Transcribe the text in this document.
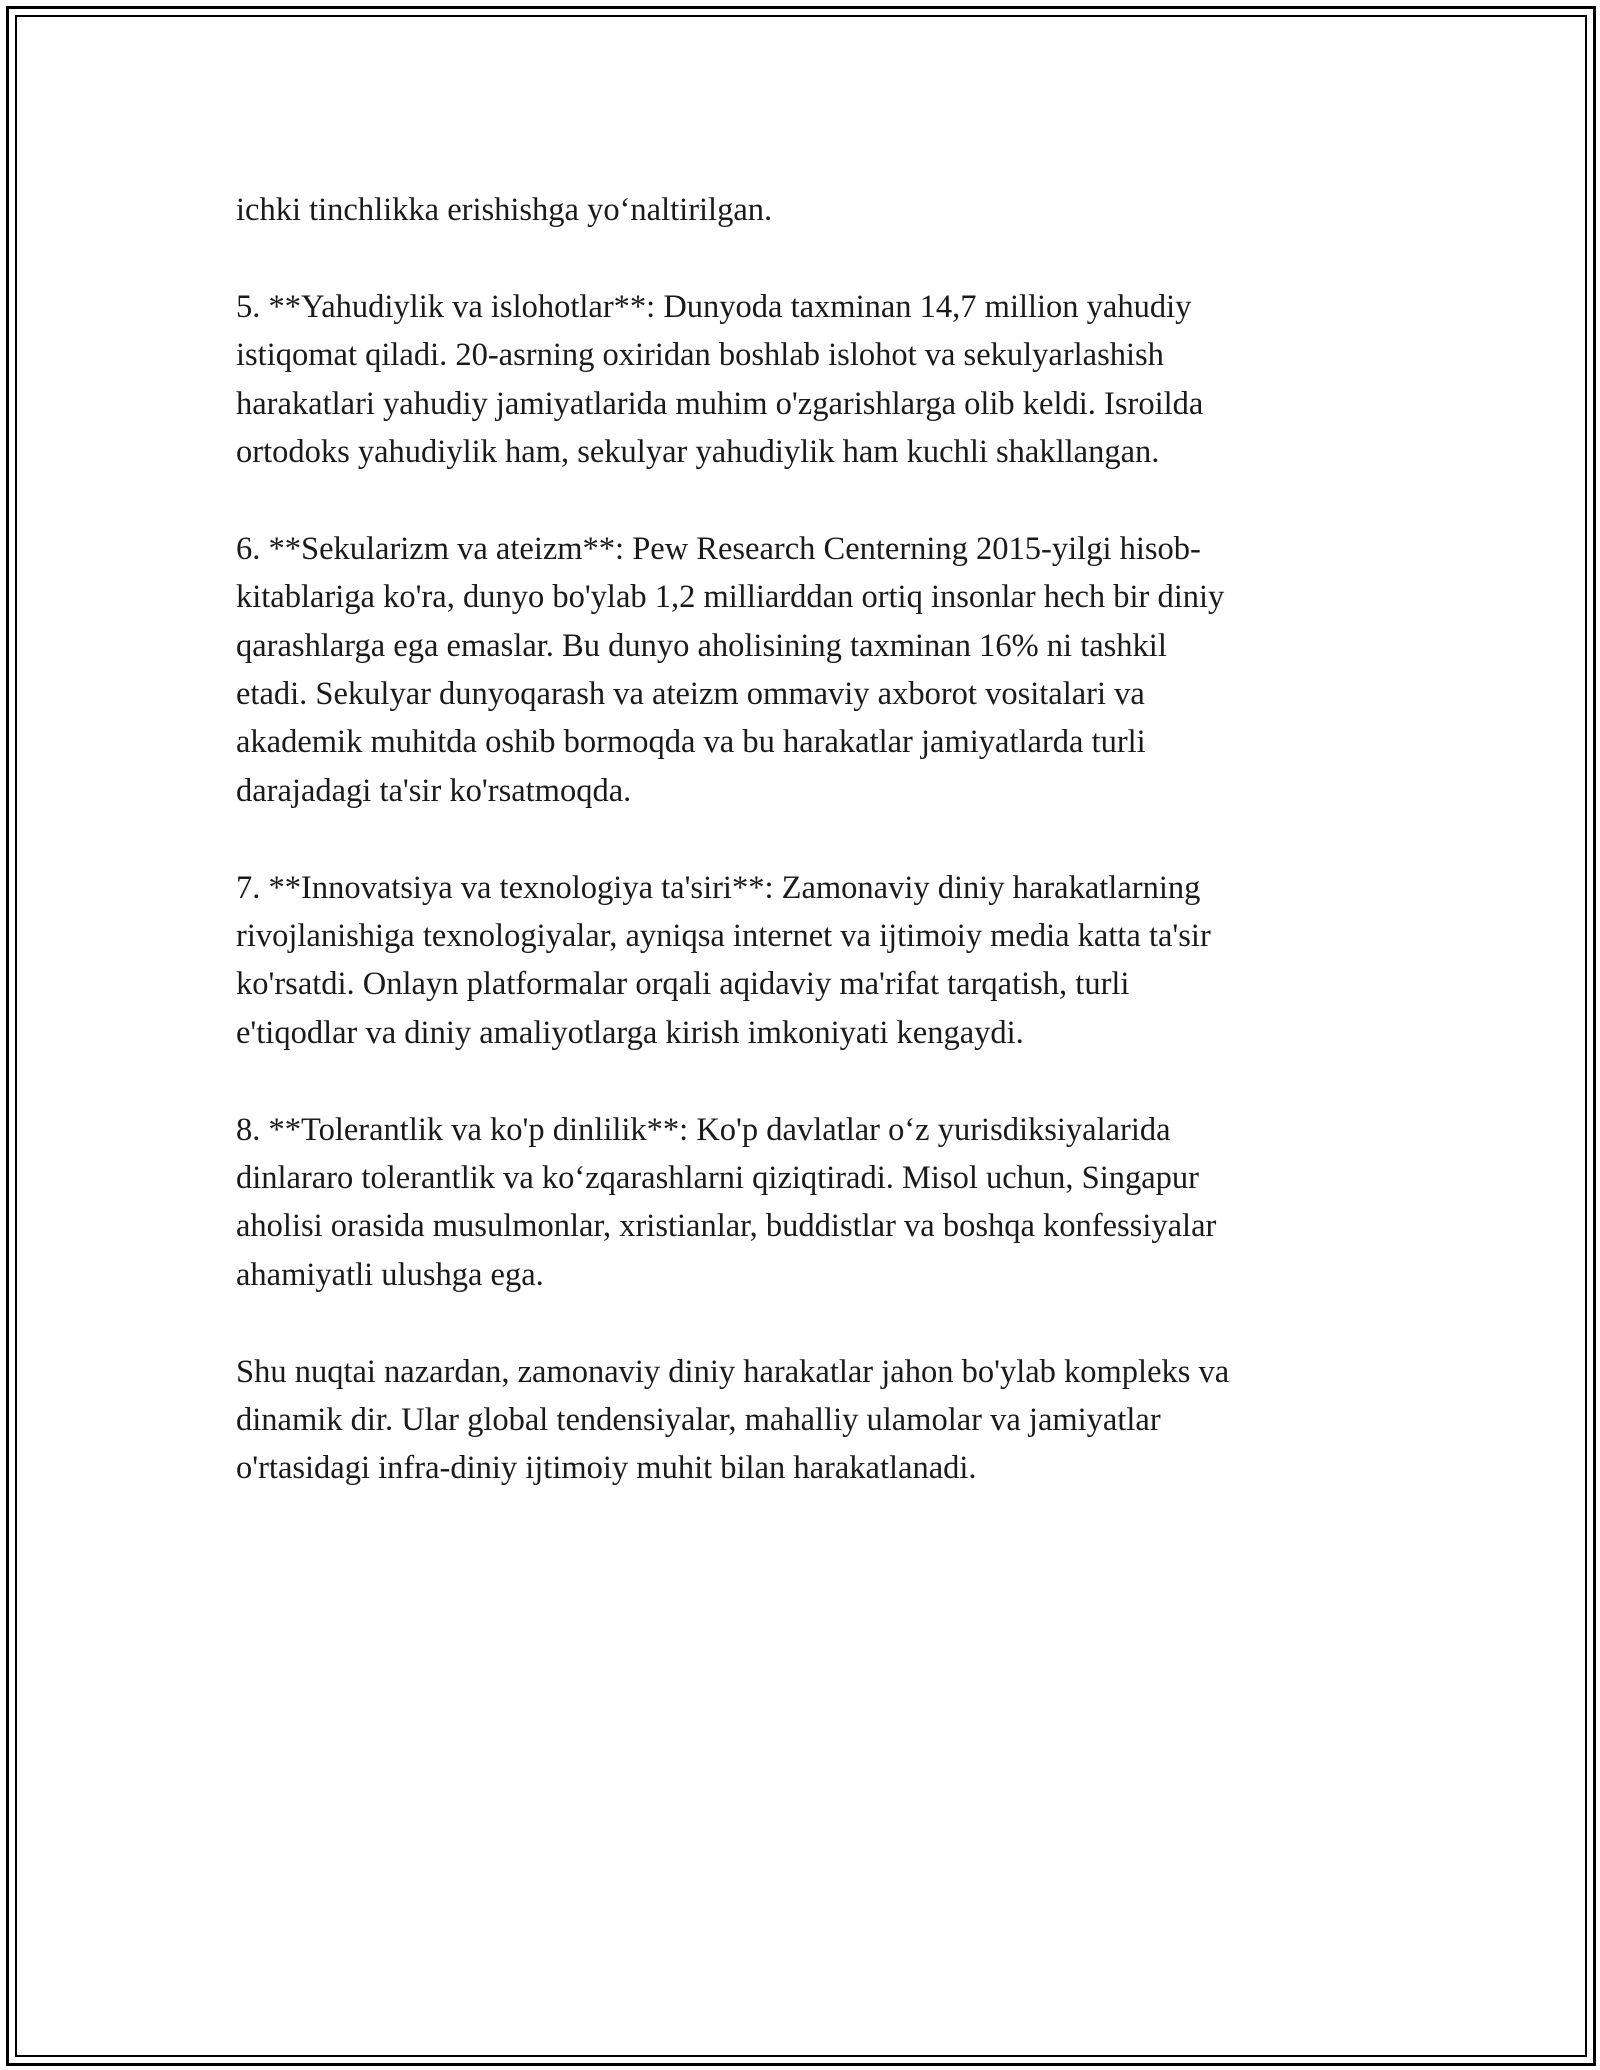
ichki tinchlikka erishishga yo‘naltirilgan.

5. **Yahudiylik va islohotlar**: Dunyoda taxminan 14,7 million yahudiy
istiqomat qiladi. 20-asrning oxiridan boshlab islohot va sekulyarlashish
harakatlari yahudiy jamiyatlarida muhim o'zgarishlarga olib keldi. Isroilda
ortodoks yahudiylik ham, sekulyar yahudiylik ham kuchli shakllangan.

6. **Sekularizm va ateizm**: Pew Research Centerning 2015-yilgi hisob-
kitablariga ko'ra, dunyo bo'ylab 1,2 milliarddan ortiq insonlar hech bir diniy
qarashlarga ega emaslar. Bu dunyo aholisining taxminan 16% ni tashkil
etadi. Sekulyar dunyoqarash va ateizm ommaviy axborot vositalari va
akademik muhitda oshib bormoqda va bu harakatlar jamiyatlarda turli
darajadagi ta'sir ko'rsatmoqda.

7. **Innovatsiya va texnologiya ta'siri**: Zamonaviy diniy harakatlarning
rivojlanishiga texnologiyalar, ayniqsa internet va ijtimoiy media katta ta'sir
ko'rsatdi. Onlayn platformalar orqali aqidaviy ma'rifat tarqatish, turli
e'tiqodlar va diniy amaliyotlarga kirish imkoniyati kengaydi.

8. **Tolerantlik va ko'p dinlilik**: Ko'p davlatlar o‘z yurisdiksiyalarida
dinlararo tolerantlik va ko‘zqarashlarni qiziqtiradi. Misol uchun, Singapur
aholisi orasida musulmonlar, xristianlar, buddistlar va boshqa konfessiyalar
ahamiyatli ulushga ega.

Shu nuqtai nazardan, zamonaviy diniy harakatlar jahon bo'ylab kompleks va
dinamik dir. Ular global tendensiyalar, mahalliy ulamolar va jamiyatlar
o'rtasidagi infra-diniy ijtimoiy muhit bilan harakatlanadi.
